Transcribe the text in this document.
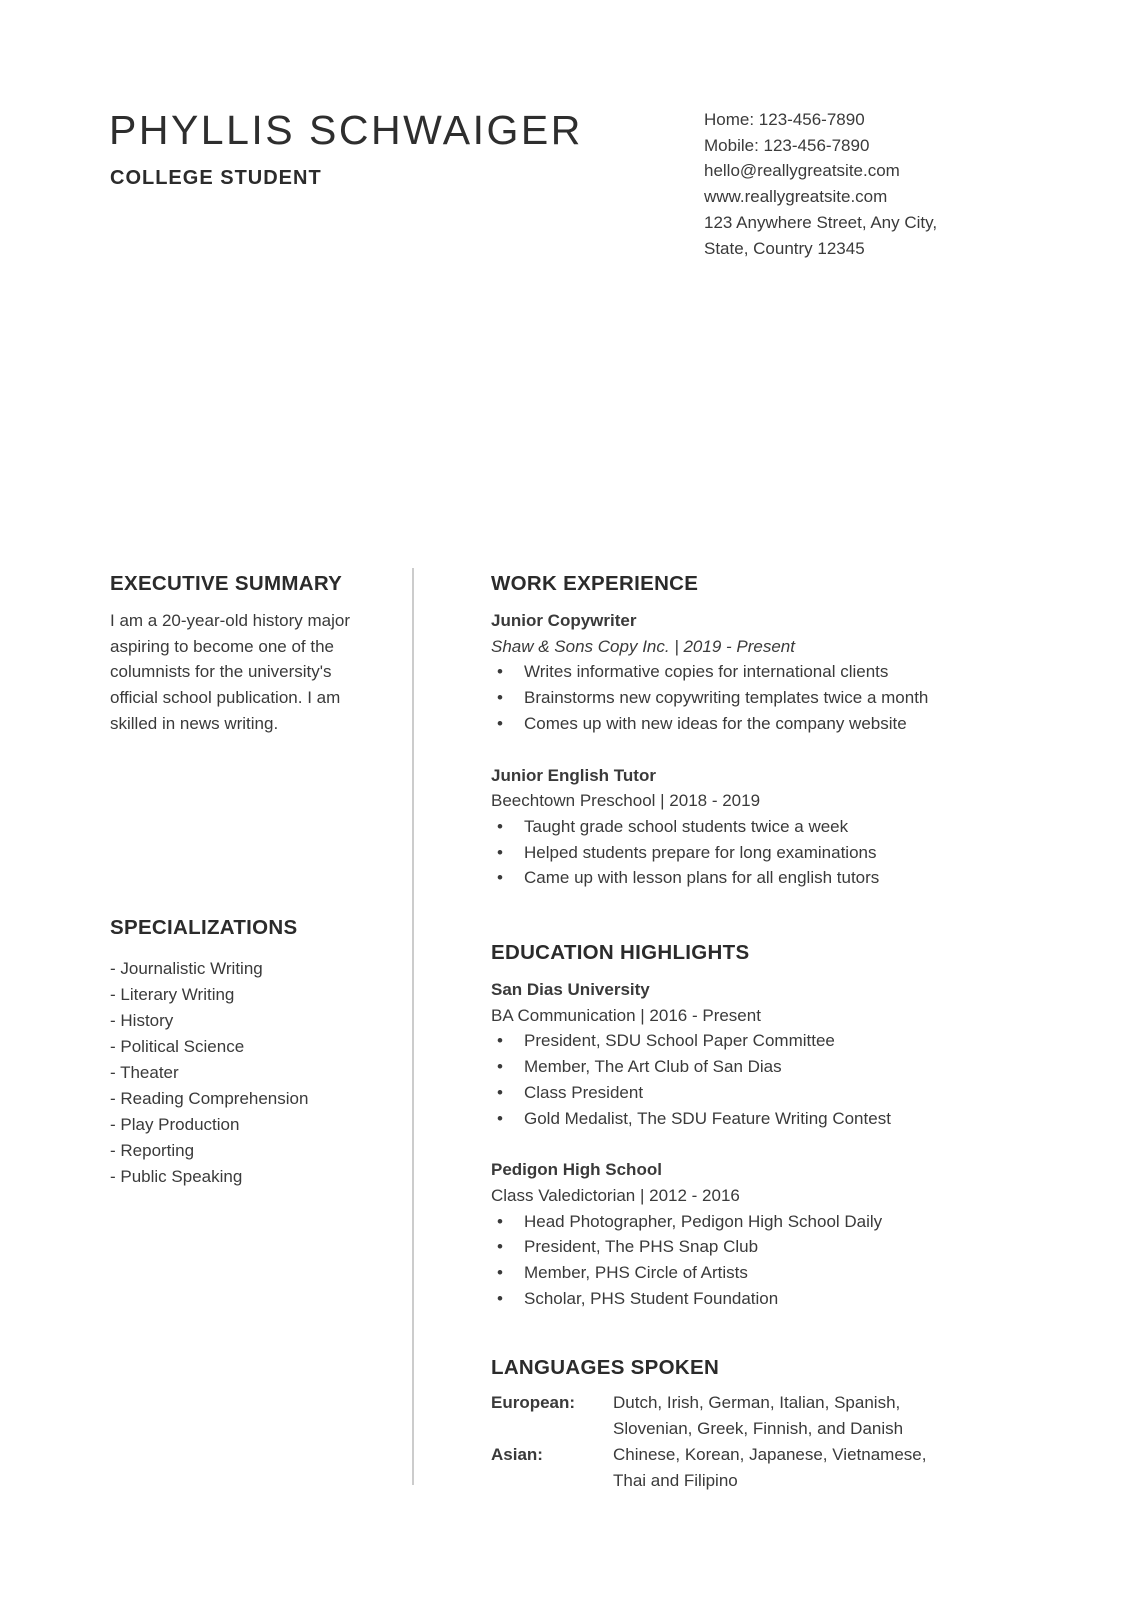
PHYLLIS SCHWAIGER
COLLEGE STUDENT
Home: 123-456-7890
Mobile: 123-456-7890
hello@reallygreatsite.com
www.reallygreatsite.com
123 Anywhere Street, Any City,
State, Country 12345
EXECUTIVE SUMMARY

I am a 20-year-old history major aspiring to become one of the columnists for the university's official school publication. I am skilled in news writing.

SPECIALIZATIONS
- Journalistic Writing
- Literary Writing
- History
- Political Science
- Theater
- Reading Comprehension
- Play Production
- Reporting
- Public Speaking
WORK EXPERIENCE
Junior Copywriter
Shaw & Sons Copy Inc. | 2019 - Present
Writes informative copies for international clients
Brainstorms new copywriting templates twice a month
Comes up with new ideas for the company website
Junior English Tutor
Beechtown Preschool | 2018 - 2019
Taught grade school students twice a week
Helped students prepare for long examinations
Came up with lesson plans for all english tutors
EDUCATION HIGHLIGHTS
San Dias University
BA Communication | 2016 - Present
President, SDU School Paper Committee
Member, The Art Club of San Dias
Class President
Gold Medalist, The SDU Feature Writing Contest
Pedigon High School
Class Valedictorian | 2012 - 2016
Head Photographer, Pedigon High School Daily
President, The PHS Snap Club
Member, PHS Circle of Artists
Scholar, PHS Student Foundation
LANGUAGES SPOKEN
European:	Dutch, Irish, German, Italian, Spanish, Slovenian, Greek, Finnish, and Danish
Asian:	Chinese, Korean, Japanese, Vietnamese, Thai and Filipino
